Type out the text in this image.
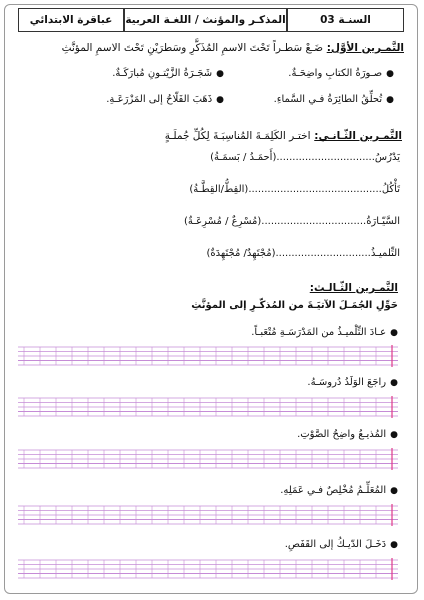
السنـة 03
المذكـر والمؤنث / اللغـة العربية
عباقرة الابتدائي
التَّمـرين الأوَّل: ضَـعْ سَطـراً تَحْتَ الاسمِ المُذَكَّرِ وسَطرَيْنِ تَحْتَ الاسمِ المؤنَّثِ
●صـورَةُ الكتابِ واضِحَـةٌ.
●شَجَـرَةُ الزَّيْتـونِ مُبارَكَـةٌ.
●تُحلِّقُ الطائِرَةُ فـي السَّماءِ.
●ذَهَبَ الفَلّاحُ إلى المَزْرَعَـةِ.
التَّمـرين الثّـانـي: اختـر الكَلِمَـةَ المُناسِبَـةَ لِكُلِّ جُملَـةٍ
يَدْرُسُ...............................(أَحمَـدُ / بَسمَـةُ)
تَأْكُلُ..........................................(القِطُّ/القِطَّـةُ)
السَّيّـارَةُ.................................(مُسْرِعٌ / مُسْرِعَـةٌ)
التِّلميـذُ..............................(مُجْتَهِدٌ/ مُجْتَهِدَةٌ)
التَّمـرين الثّـالـث:
حَوِّلِ الجُمَـلَ الآتيَـةَ من المُذكّـرِ إلى المؤنَّثِ
●عـادَ التِّلْميـذُ من المَدْرَسَـةِ مُتْعَبـاً.
●راجَعَ الوَلَدُ دُروسَـهُ.
●المُذيـعُ واضِحُ الصَّوْتِ.
●المُعَلِّـمُ مُخْلِصٌ فـي عَمَلِهِ.
●دَخَـلَ الدّيـكُ إلى القَفَصِ.
